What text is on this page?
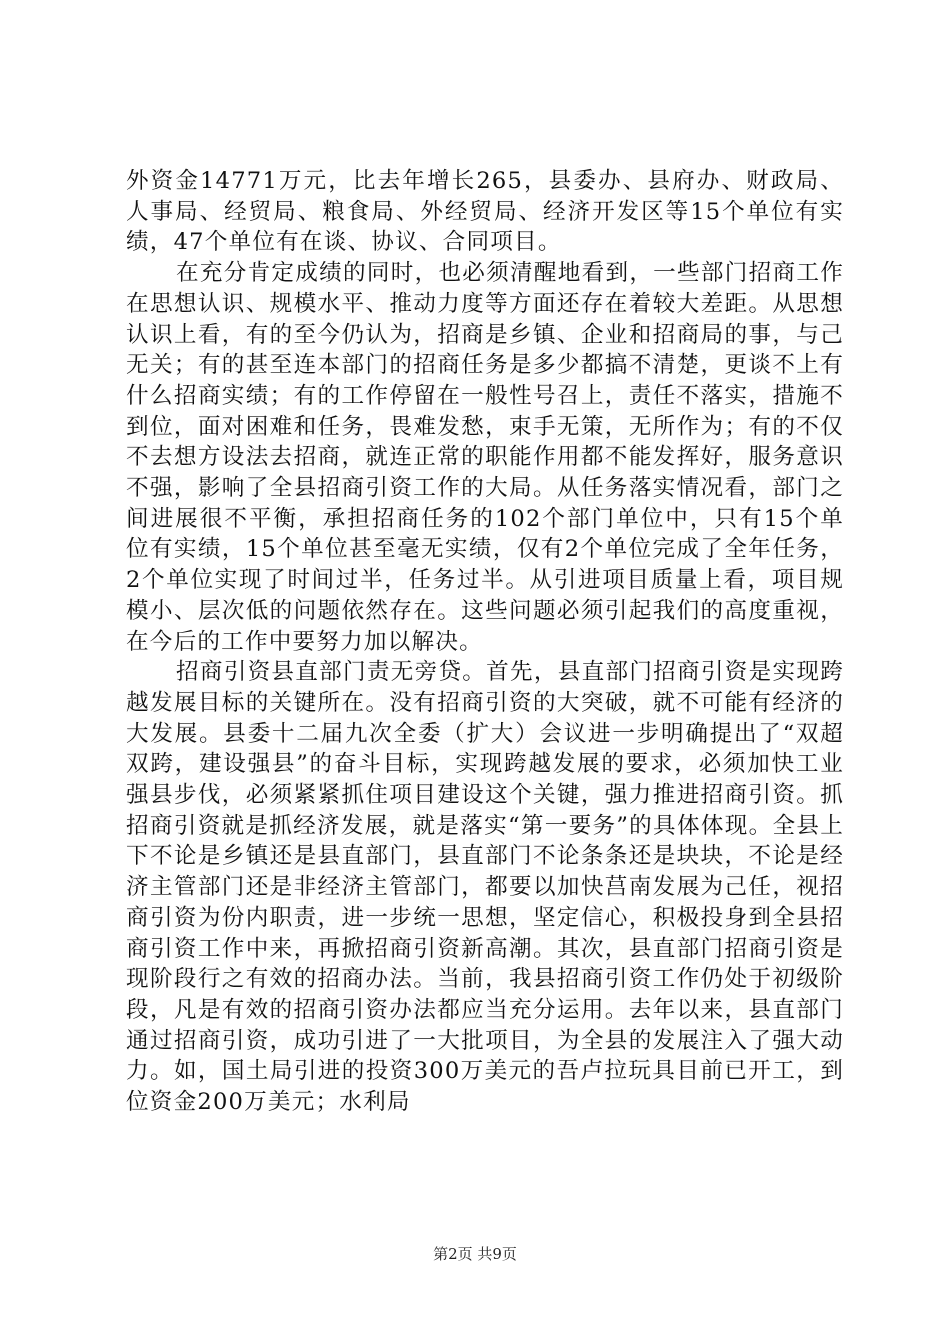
外资金14771万元，比去年增长265，县委办、县府办、财政局、人事局、经贸局、粮食局、外经贸局、经济开发区等15个单位有实绩，47个单位有在谈、协议、合同项目。

在充分肯定成绩的同时，也必须清醒地看到，一些部门招商工作在思想认识、规模水平、推动力度等方面还存在着较大差距。从思想认识上看，有的至今仍认为，招商是乡镇、企业和招商局的事，与己无关；有的甚至连本部门的招商任务是多少都搞不清楚，更谈不上有什么招商实绩；有的工作停留在一般性号召上，责任不落实，措施不到位，面对困难和任务，畏难发愁，束手无策，无所作为；有的不仅不去想方设法去招商，就连正常的职能作用都不能发挥好，服务意识不强，影响了全县招商引资工作的大局。从任务落实情况看，部门之间进展很不平衡，承担招商任务的102个部门单位中，只有15个单位有实绩，15个单位甚至毫无实绩，仅有2个单位完成了全年任务，2个单位实现了时间过半，任务过半。从引进项目质量上看，项目规模小、层次低的问题依然存在。这些问题必须引起我们的高度重视，在今后的工作中要努力加以解决。

招商引资县直部门责无旁贷。首先，县直部门招商引资是实现跨越发展目标的关键所在。没有招商引资的大突破，就不可能有经济的大发展。县委十二届九次全委（扩大）会议进一步明确提出了“双超双跨，建设强县”的奋斗目标，实现跨越发展的要求，必须加快工业强县步伐，必须紧紧抓住项目建设这个关键，强力推进招商引资。抓招商引资就是抓经济发展，就是落实“第一要务”的具体体现。全县上下不论是乡镇还是县直部门，县直部门不论条条还是块块，不论是经济主管部门还是非经济主管部门，都要以加快莒南发展为己任，视招商引资为份内职责，进一步统一思想，坚定信心，积极投身到全县招商引资工作中来，再掀招商引资新高潮。其次，县直部门招商引资是现阶段行之有效的招商办法。当前，我县招商引资工作仍处于初级阶段，凡是有效的招商引资办法都应当充分运用。去年以来，县直部门通过招商引资，成功引进了一大批项目，为全县的发展注入了强大动力。如，国土局引进的投资300万美元的吾卢拉玩具目前已开工，到位资金200万美元；水利局

第2页 共9页
